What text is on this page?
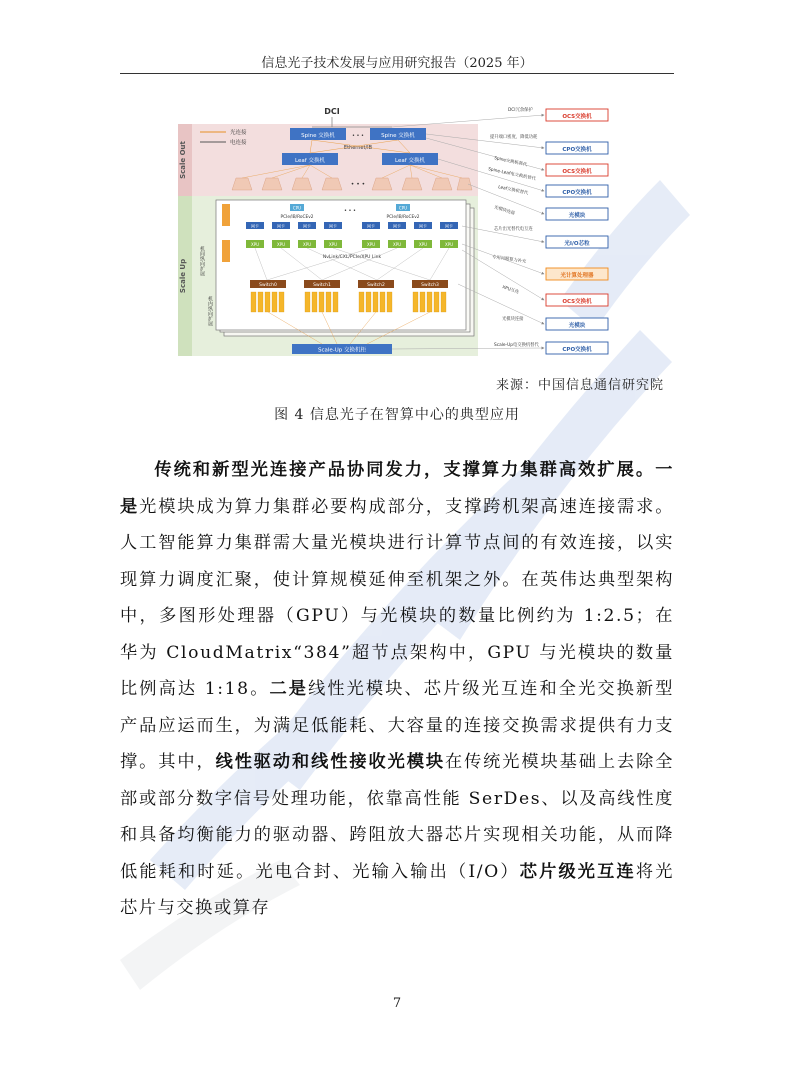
信息光子技术发展与应用研究报告（2025 年）
Scale Out
Scale Up
光连接
电连接
DCI
Spine 交换机	Spine 交换机
• • •
Ethernet/IB
Leaf 交换机	Leaf 交换机
• • •
机间纵向扩展
机内纵向扩展
CPU	CPU
PCIe/IB/RoCEv2	PCIe/IB/RoCEv2
• • •
网卡	网卡	网卡	网卡	网卡	网卡	网卡	网卡
XPU	XPU	XPU	XPU	XPU	XPU	XPU	XPU
NvLink/CXL/PCIe/XPU Link
Switch0	Switch1	Switch2	Switch3
Scale-Up 交换机柜
OCS交换机
CPO交换机
OCS交换机
CPO交换机
光模块
光I/O芯粒
光计算处理器
OCS交换机
光模块
CPO交换机
DCI冗余保护
提升端口密度、降低功耗
Spine交换机替代
Spine-Leaf电交换机替代
Leaf交换机替代
光模块连接
芯片出光替代电互连
专用问题算力补充
XPU互连
光模块连接
Scale-Up电交换机替代
来源：中国信息通信研究院
图 4 信息光子在智算中心的典型应用

传统和新型光连接产品协同发力，支撑算力集群高效扩展。一是光模块成为算力集群必要构成部分，支撑跨机架高速连接需求。人工智能算力集群需大量光模块进行计算节点间的有效连接，以实现算力调度汇聚，使计算规模延伸至机架之外。在英伟达典型架构中，多图形处理器（GPU）与光模块的数量比例约为 1:2.5；在华为 CloudMatrix“384”超节点架构中，GPU 与光模块的数量比例高达 1:18。二是线性光模块、芯片级光互连和全光交换新型产品应运而生，为满足低能耗、大容量的连接交换需求提供有力支撑。其中，线性驱动和线性接收光模块在传统光模块基础上去除全部或部分数字信号处理功能，依靠高性能 SerDes、以及高线性度和具备均衡能力的驱动器、跨阻放大器芯片实现相关功能，从而降低能耗和时延。光电合封、光输入输出（I/O）芯片级光互连将光芯片与交换或算存

7
